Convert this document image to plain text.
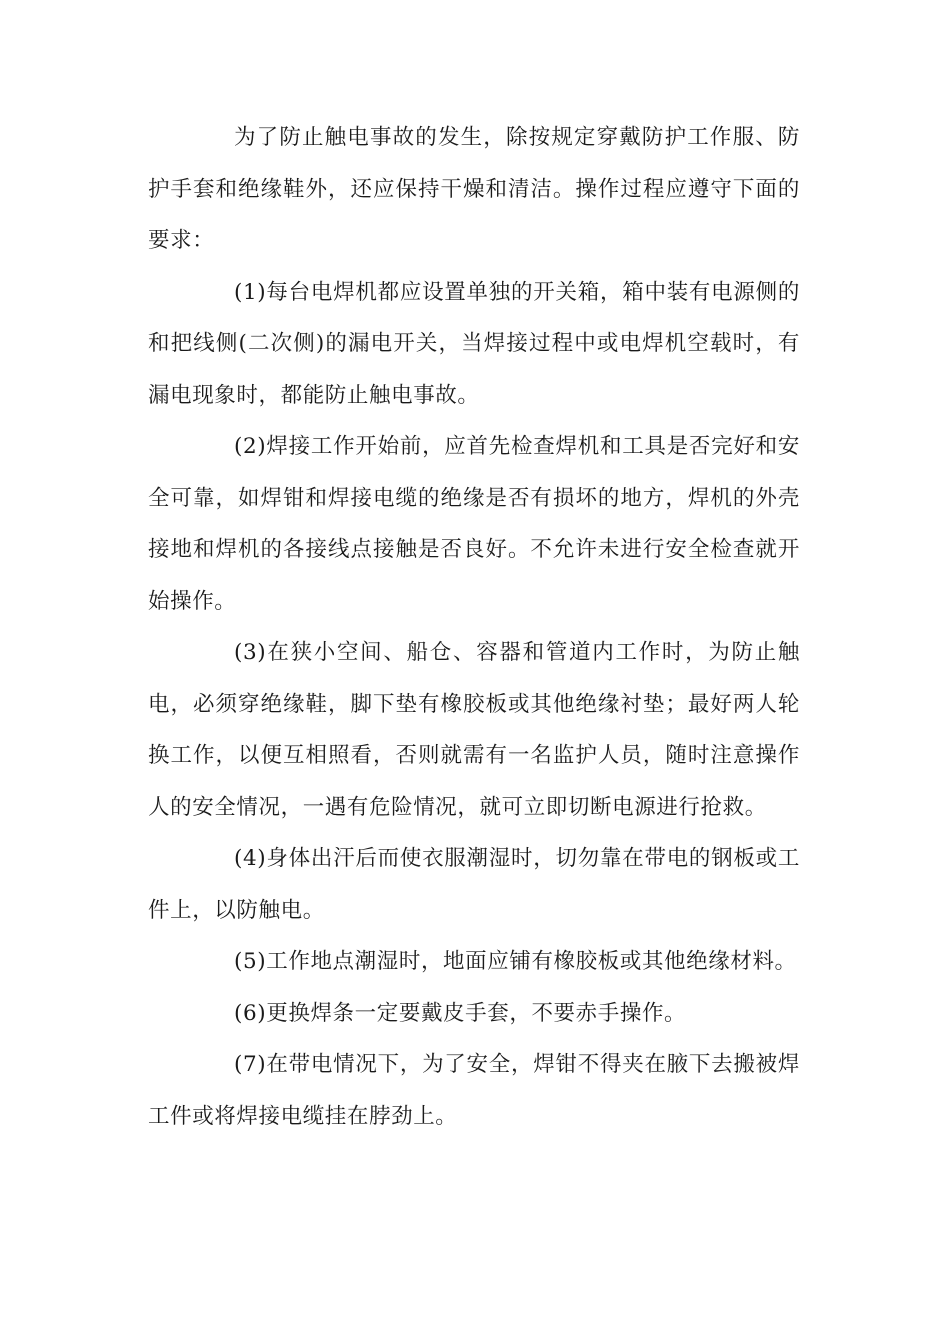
为了防止触电事故的发生，除按规定穿戴防护工作服、防护手套和绝缘鞋外，还应保持干燥和清洁。操作过程应遵守下面的要求：

(1)每台电焊机都应设置单独的开关箱，箱中装有电源侧的和把线侧(二次侧)的漏电开关，当焊接过程中或电焊机空载时，有漏电现象时，都能防止触电事故。

(2)焊接工作开始前，应首先检查焊机和工具是否完好和安全可靠，如焊钳和焊接电缆的绝缘是否有损坏的地方，焊机的外壳接地和焊机的各接线点接触是否良好。不允许未进行安全检查就开始操作。

(3)在狭小空间、船仓、容器和管道内工作时，为防止触电，必须穿绝缘鞋，脚下垫有橡胶板或其他绝缘衬垫；最好两人轮换工作，以便互相照看，否则就需有一名监护人员，随时注意操作人的安全情况，一遇有危险情况，就可立即切断电源进行抢救。

(4)身体出汗后而使衣服潮湿时，切勿靠在带电的钢板或工件上，以防触电。

(5)工作地点潮湿时，地面应铺有橡胶板或其他绝缘材料。

(6)更换焊条一定要戴皮手套，不要赤手操作。

(7)在带电情况下，为了安全，焊钳不得夹在腋下去搬被焊工件或将焊接电缆挂在脖劲上。
